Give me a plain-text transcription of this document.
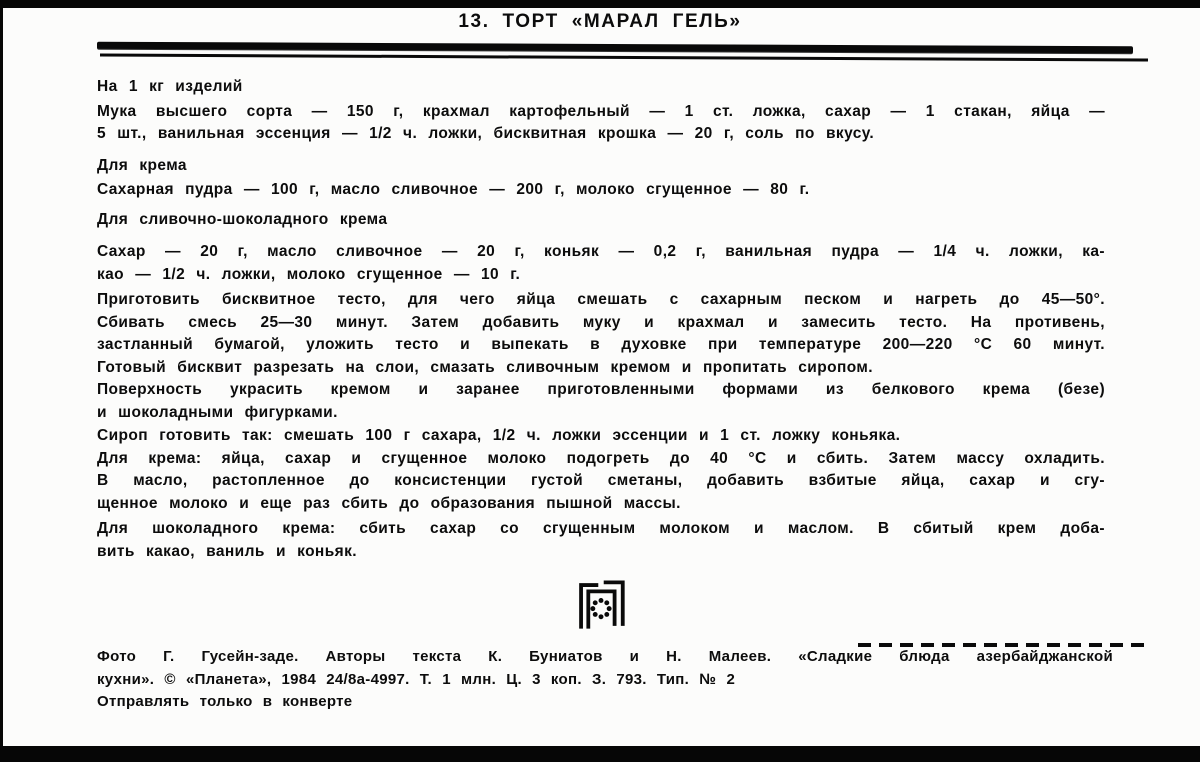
13. ТОРТ «МАРАЛ ГЕЛЬ»
На 1 кг изделий
Мука высшего сорта — 150 г, крахмал картофельный — 1 ст. ложка, сахар — 1 стакан, яйца —
5 шт., ванильная эссенция — 1/2 ч. ложки, бисквитная крошка — 20 г, соль по вкусу.
Для крема
Сахарная пудра — 100 г, масло сливочное — 200 г, молоко сгущенное — 80 г.
Для сливочно-шоколадного крема
Сахар — 20 г, масло сливочное — 20 г, коньяк — 0,2 г, ванильная пудра — 1/4 ч. ложки, ка-
као — 1/2 ч. ложки, молоко сгущенное — 10 г.
Приготовить бисквитное тесто, для чего яйца смешать с сахарным песком и нагреть до 45—50°.
Сбивать смесь 25—30 минут. Затем добавить муку и крахмал и замесить тесто. На противень,
застланный бумагой, уложить тесто и выпекать в духовке при температуре 200—220 °С 60 минут.
Готовый бисквит разрезать на слои, смазать сливочным кремом и пропитать сиропом.
Поверхность украсить кремом и заранее приготовленными формами из белкового крема (безе)
и шоколадными фигурками.
Сироп готовить так: смешать 100 г сахара, 1/2 ч. ложки эссенции и 1 ст. ложку коньяка.
Для крема: яйца, сахар и сгущенное молоко подогреть до 40 °С и сбить. Затем массу охладить.
В масло, растопленное до консистенции густой сметаны, добавить взбитые яйца, сахар и сгу-
щенное молоко и еще раз сбить до образования пышной массы.
Для шоколадного крема: сбить сахар со сгущенным молоком и маслом. В сбитый крем доба-
вить какао, ваниль и коньяк.
Фото Г. Гусейн-заде. Авторы текста К. Буниатов и Н. Малеев. «Сладкие блюда азербайджанской
кухни». © «Планета», 1984 24/8а-4997. Т. 1 млн. Ц. 3 коп. З. 793. Тип. № 2
Отправлять только в конверте
